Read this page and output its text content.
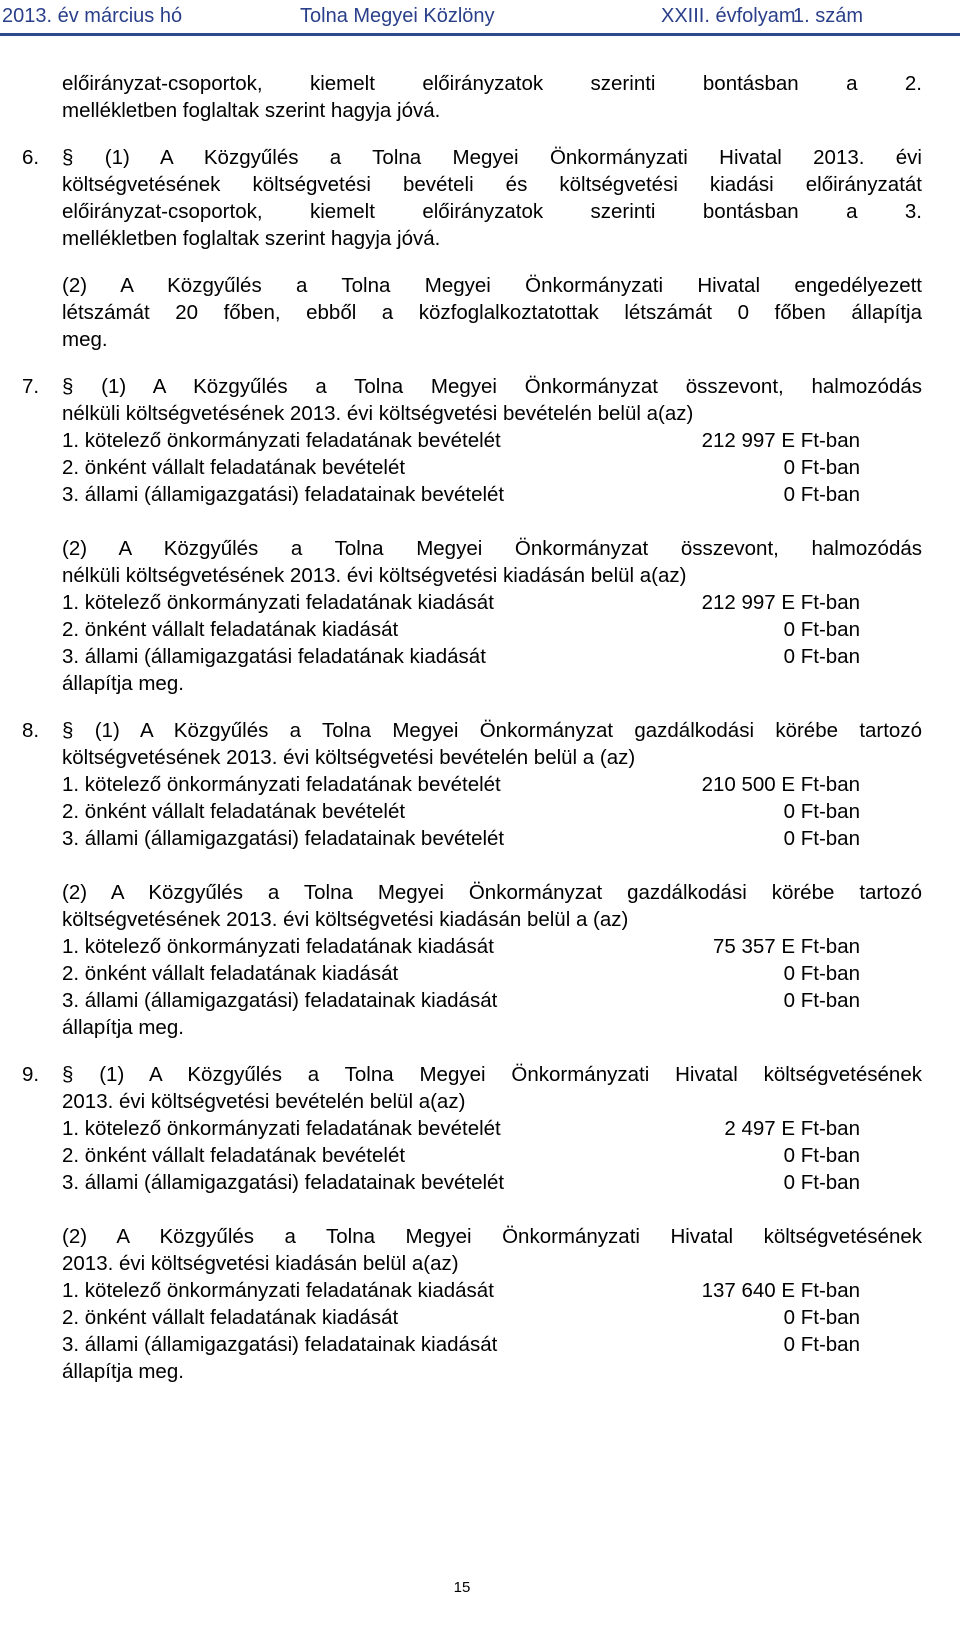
2013. év március hó	Tolna Megyei Közlöny	XXIII. évfolyam
1. szám
előirányzat-csoportok, kiemelt előirányzatok szerinti bontásban a 2.
mellékletben foglaltak szerint hagyja jóvá.
6. § (1) A Közgyűlés a Tolna Megyei Önkormányzati Hivatal 2013. évi
költségvetésének költségvetési bevételi és költségvetési kiadási előirányzatát
előirányzat-csoportok, kiemelt előirányzatok szerinti bontásban a 3.
mellékletben foglaltak szerint hagyja jóvá.
(2) A Közgyűlés a Tolna Megyei Önkormányzati Hivatal engedélyezett
létszámát 20 főben, ebből a közfoglalkoztatottak létszámát 0 főben állapítja
meg.
7. § (1) A Közgyűlés a Tolna Megyei Önkormányzat összevont, halmozódás
nélküli költségvetésének 2013. évi költségvetési bevételén belül a(az)
1. kötelező önkormányzati feladatának bevételét	212 997 E Ft-ban
2. önként vállalt feladatának bevételét	0 Ft-ban
3. állami (államigazgatási) feladatainak bevételét	0 Ft-ban
(2) A Közgyűlés a Tolna Megyei Önkormányzat összevont, halmozódás
nélküli költségvetésének 2013. évi költségvetési kiadásán belül a(az)
1. kötelező önkormányzati feladatának kiadását	212 997 E Ft-ban
2. önként vállalt feladatának kiadását	0 Ft-ban
3. állami (államigazgatási feladatának kiadását	0 Ft-ban
állapítja meg.
8. § (1) A Közgyűlés a Tolna Megyei Önkormányzat gazdálkodási körébe tartozó
költségvetésének 2013. évi költségvetési bevételén belül a (az)
1. kötelező önkormányzati feladatának bevételét	210 500 E Ft-ban
2. önként vállalt feladatának bevételét	0 Ft-ban
3. állami (államigazgatási) feladatainak bevételét	0 Ft-ban
(2) A Közgyűlés a Tolna Megyei Önkormányzat gazdálkodási körébe tartozó
költségvetésének 2013. évi költségvetési kiadásán belül a (az)
1. kötelező önkormányzati feladatának kiadását	75 357 E Ft-ban
2. önként vállalt feladatának kiadását	0 Ft-ban
3. állami (államigazgatási) feladatainak kiadását	0 Ft-ban
állapítja meg.
9. § (1) A Közgyűlés a Tolna Megyei Önkormányzati Hivatal költségvetésének
2013. évi költségvetési bevételén belül a(az)
1. kötelező önkormányzati feladatának bevételét	2 497 E Ft-ban
2. önként vállalt feladatának bevételét	0 Ft-ban
3. állami (államigazgatási) feladatainak bevételét	0 Ft-ban
(2) A Közgyűlés a Tolna Megyei Önkormányzati Hivatal költségvetésének
2013. évi költségvetési kiadásán belül a(az)
1. kötelező önkormányzati feladatának kiadását	137 640 E Ft-ban
2. önként vállalt feladatának kiadását	0 Ft-ban
3. állami (államigazgatási) feladatainak kiadását	0 Ft-ban
állapítja meg.
15
